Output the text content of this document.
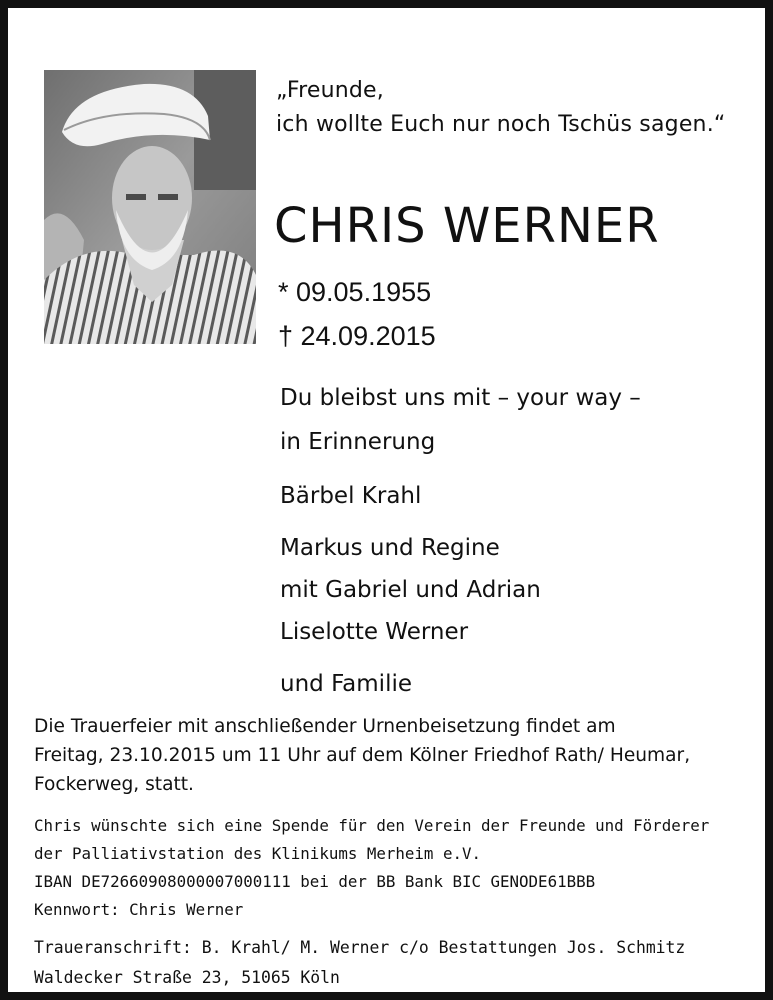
„Freunde,
ich wollte Euch nur noch Tschüs sagen.“
CHRIS WERNER
* 09.05.1955
† 24.09.2015
Du bleibst uns mit – your way –
in Erinnerung
Bärbel Krahl
Markus und Regine
mit Gabriel und Adrian
Liselotte Werner
und Familie
Die Trauerfeier mit anschließender Urnenbeisetzung findet am
Freitag, 23.10.2015 um 11 Uhr auf dem Kölner Friedhof Rath/ Heumar,
Fockerweg, statt.
Chris wünschte sich eine Spende für den Verein der Freunde und Förderer
der Palliativstation des Klinikums Merheim e.V.
IBAN DE72660908000007000111 bei der BB Bank BIC GENODE61BBB
Kennwort: Chris Werner
Traueranschrift: B. Krahl/ M. Werner c/o Bestattungen Jos. Schmitz
Waldecker Straße 23, 51065 Köln
